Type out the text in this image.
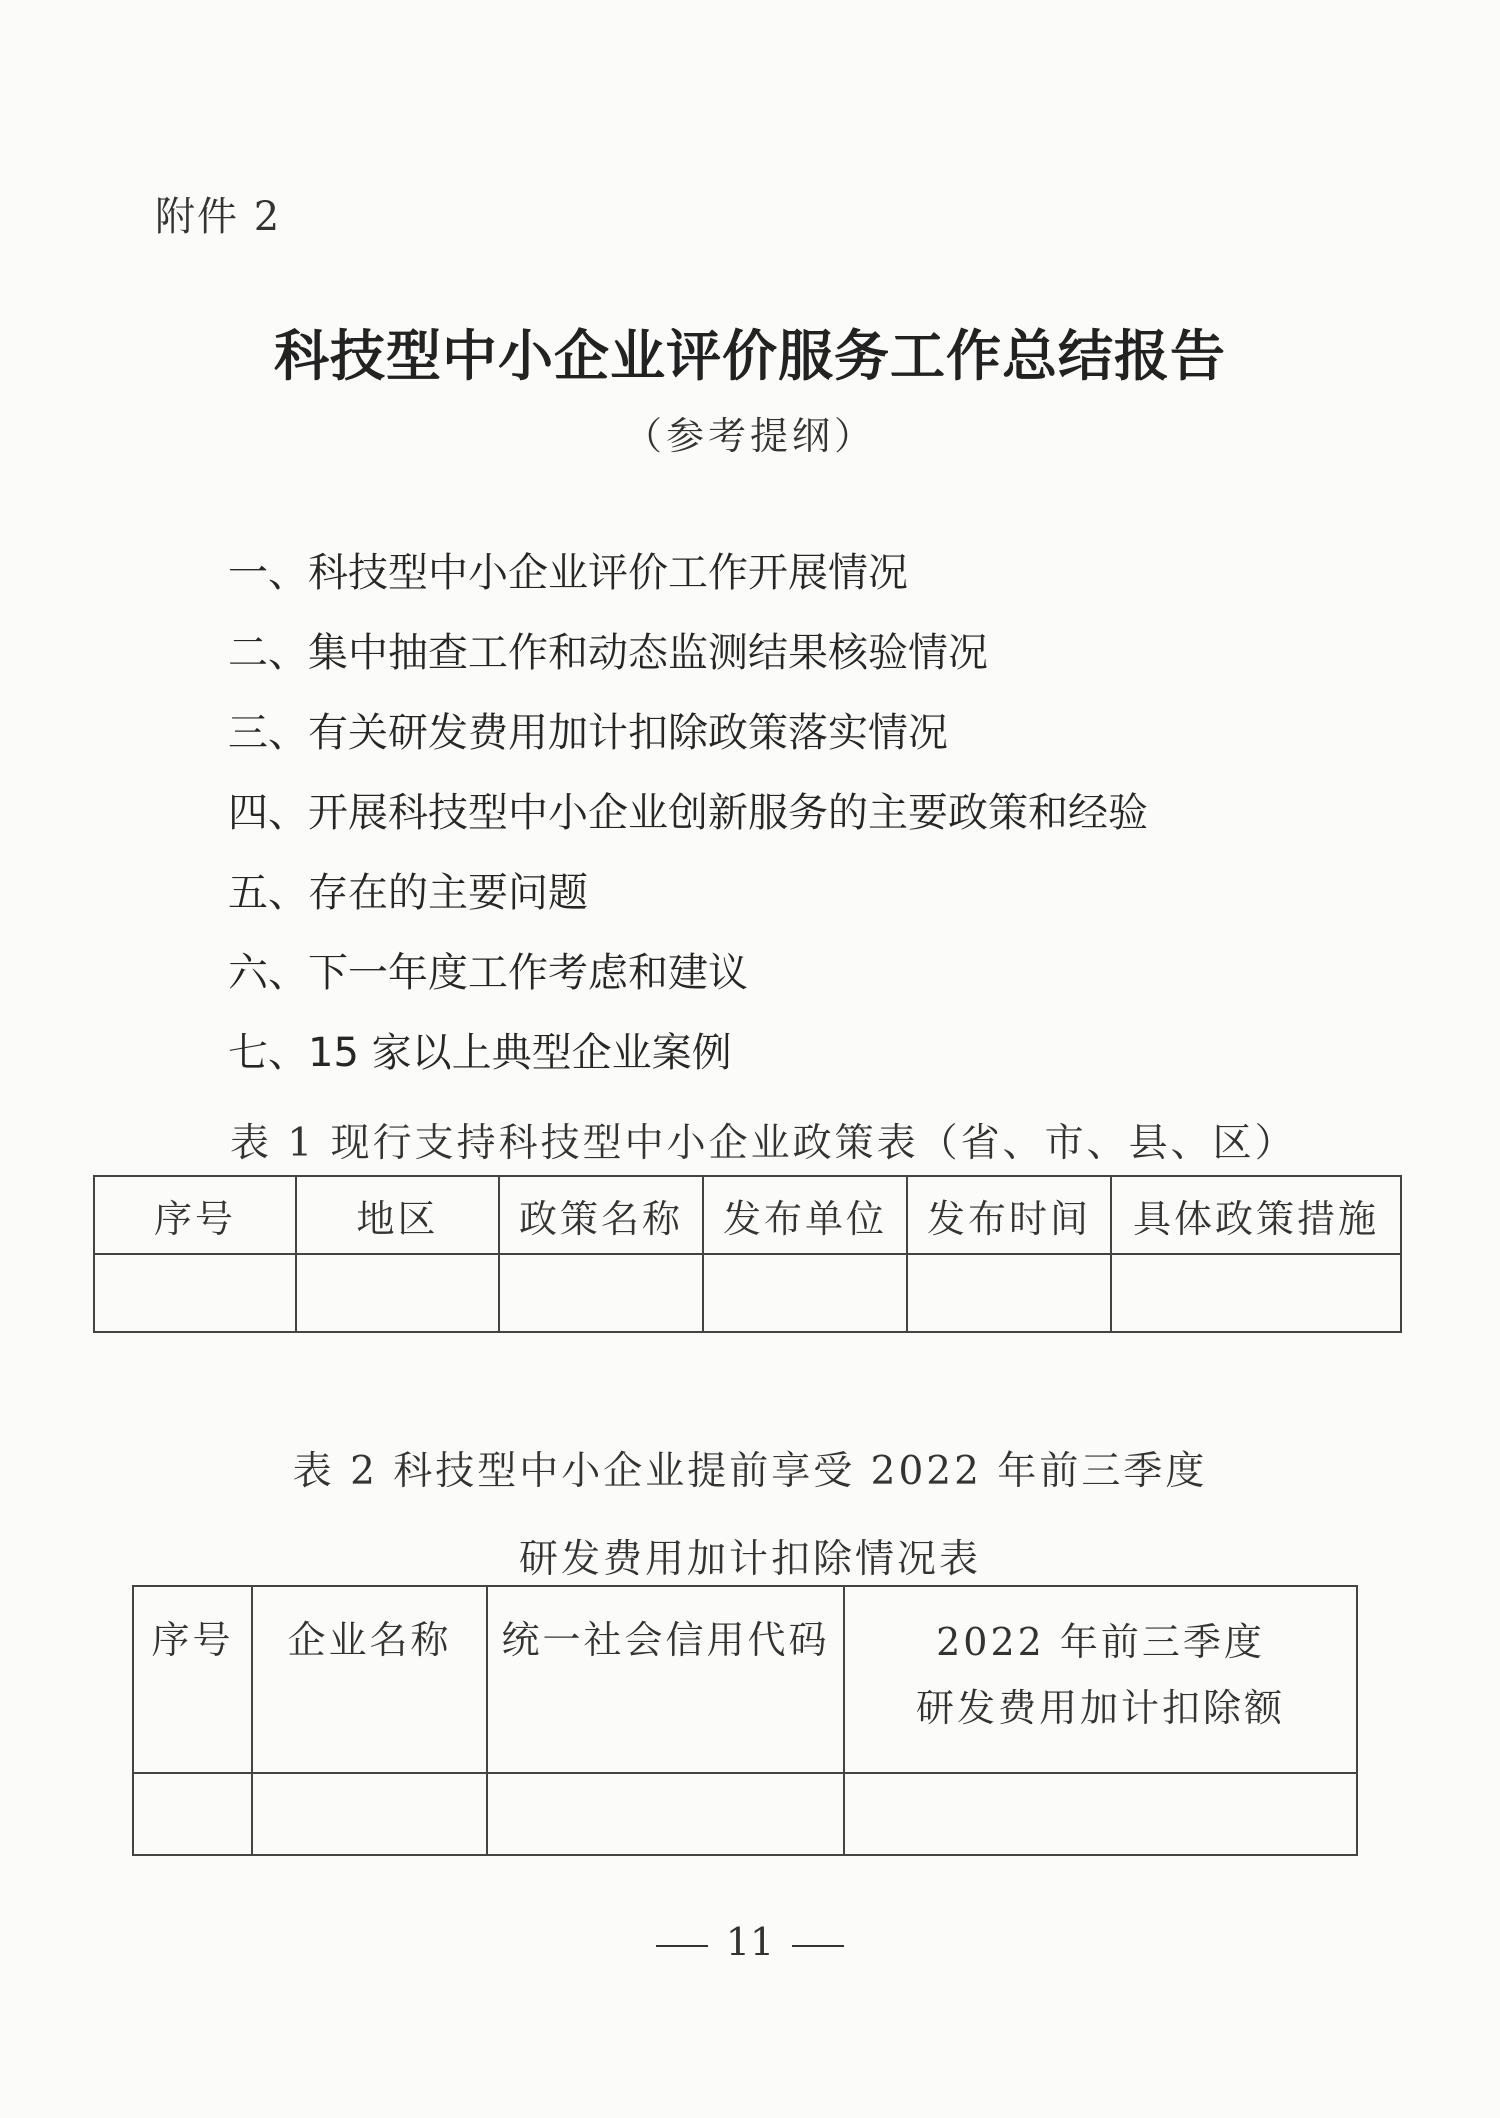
附件 2
科技型中小企业评价服务工作总结报告
（参考提纲）
一、科技型中小企业评价工作开展情况
二、集中抽查工作和动态监测结果核验情况
三、有关研发费用加计扣除政策落实情况
四、开展科技型中小企业创新服务的主要政策和经验
五、存在的主要问题
六、下一年度工作考虑和建议
七、15 家以上典型企业案例
表 1 现行支持科技型中小企业政策表（省、市、县、区）
序号	地区	政策名称	发布单位	发布时间	具体政策措施

表 2 科技型中小企业提前享受 2022 年前三季度
研发费用加计扣除情况表
序号	企业名称	统一社会信用代码	2022 年前三季度
研发费用加计扣除额

11
